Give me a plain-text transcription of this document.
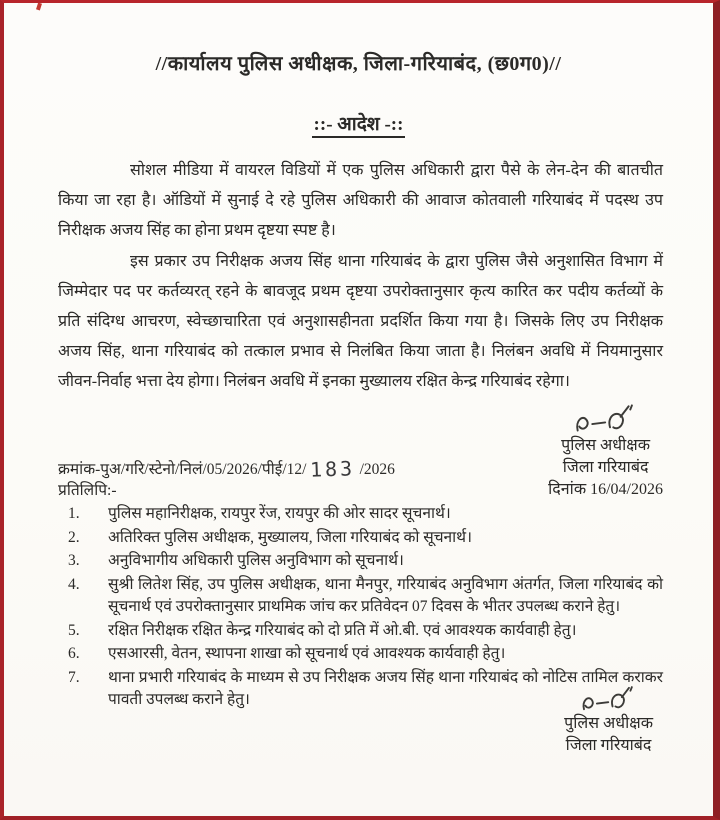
//कार्यालय पुलिस अधीक्षक, जिला-गरियाबंद, (छ0ग0)//
::- आदेश -::

सोशल मीडिया में वायरल विडियों में एक पुलिस अधिकारी द्वारा पैसे के लेन-देन की बातचीत किया जा रहा है। ऑडियों में सुनाई दे रहे पुलिस अधिकारी की आवाज कोतवाली गरियाबंद में पदस्थ उप निरीक्षक अजय सिंह का होना प्रथम दृष्टया स्पष्ट है।

इस प्रकार उप निरीक्षक अजय सिंह थाना गरियाबंद के द्वारा पुलिस जैसे अनुशासित विभाग में जिम्मेदार पद पर कर्तव्यरत् रहने के बावजूद प्रथम दृष्टया उपरोक्तानुसार कृत्य कारित कर पदीय कर्तव्यों के प्रति संदिग्ध आचरण, स्वेच्छाचारिता एवं अनुशासहीनता प्रदर्शित किया गया है। जिसके लिए उप निरीक्षक अजय सिंह, थाना गरियाबंद को तत्काल प्रभाव से निलंबित किया जाता है। निलंबन अवधि में नियमानुसार जीवन-निर्वाह भत्ता देय होगा। निलंबन अवधि में इनका मुख्यालय रक्षित केन्द्र गरियाबंद रहेगा।

पुलिस अधीक्षक
जिला गरियाबंद
दिनांक 16/04/2026
क्रमांक-पुअ/गरि/स्टेनो/निलं/05/2026/पीई/12/ 183 /2026
प्रतिलिपि:-
1.	पुलिस महानिरीक्षक, रायपुर रेंज, रायपुर की ओर सादर सूचनार्थ।
2.	अतिरिक्त पुलिस अधीक्षक, मुख्यालय, जिला गरियाबंद को सूचनार्थ।
3.	अनुविभागीय अधिकारी पुलिस अनुविभाग को सूचनार्थ।
4.	सुश्री लितेश सिंह, उप पुलिस अधीक्षक, थाना मैनपुर, गरियाबंद अनुविभाग अंतर्गत, जिला गरियाबंद को सूचनार्थ एवं उपरोक्तानुसार प्राथमिक जांच कर प्रतिवेदन 07 दिवस के भीतर उपलब्ध कराने हेतु।
5.	रक्षित निरीक्षक रक्षित केन्द्र गरियाबंद को दो प्रति में ओ.बी. एवं आवश्यक कार्यवाही हेतु।
6.	एसआरसी, वेतन, स्थापना शाखा को सूचनार्थ एवं आवश्यक कार्यवाही हेतु।
7.	थाना प्रभारी गरियाबंद के माध्यम से उप निरीक्षक अजय सिंह थाना गरियाबंद को नोटिस तामिल कराकर पावती उपलब्ध कराने हेतु।
पुलिस अधीक्षक
जिला गरियाबंद
